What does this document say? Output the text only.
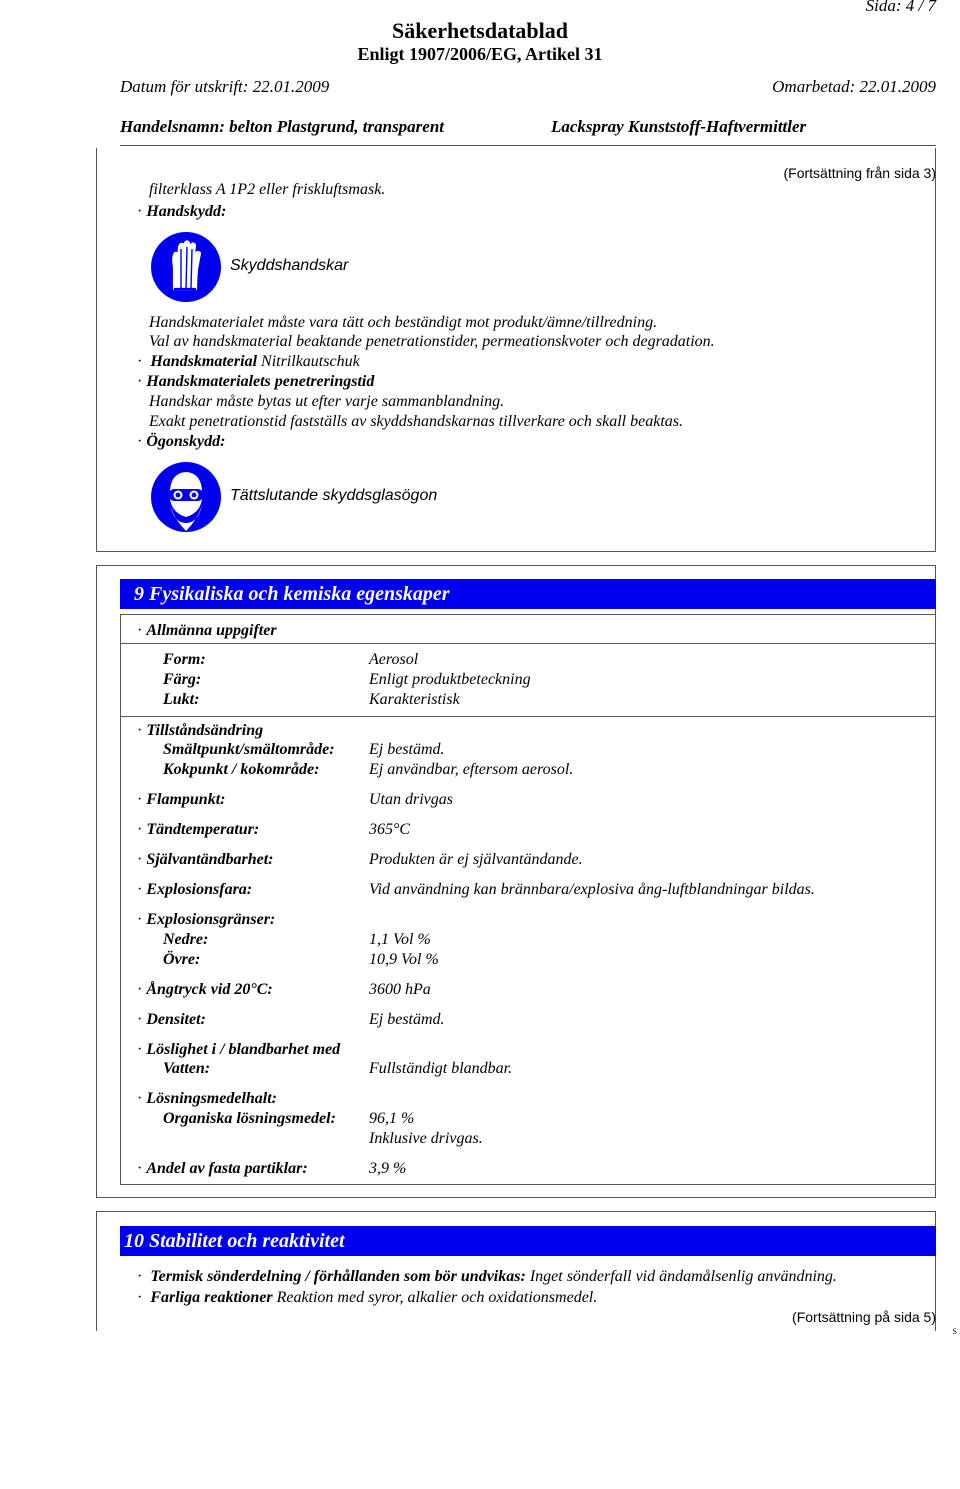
Säkerhetsdatablad
Enligt 1907/2006/EG, Artikel 31
Sida: 4 / 7
Datum för utskrift: 22.01.2009	Omarbetad: 22.01.2009
Handelsnamn: belton Plastgrund, transparent	Lackspray Kunststoff-Haftvermittler
(Fortsättning från sida 3)
filterklass A 1P2 eller friskluftsmask.
· Handskydd:
Skyddshandskar
Handskmaterialet måste vara tätt och beständigt mot produkt/ämne/tillredning.
Val av handskmaterial beaktande penetrationstider, permeationskvoter och degradation.
· Handskmaterial Nitrilkautschuk
· Handskmaterialets penetreringstid
Handskar måste bytas ut efter varje sammanblandning.
Exakt penetrationstid fastställs av skyddshandskarnas tillverkare och skall beaktas.
· Ögonskydd:
Tättslutande skyddsglasögon
9 Fysikaliska och kemiska egenskaper
· Allmänna uppgifter
Form:	Aerosol
Färg:	Enligt produktbeteckning
Lukt:	Karakteristisk
· Tillståndsändring
Smältpunkt/smältområde: Ej bestämd.
Kokpunkt / kokområde:	Ej användbar, eftersom aerosol.
· Flampunkt:	Utan drivgas
· Tändtemperatur:	365°C
· Självantändbarhet:	Produkten är ej självantändande.
· Explosionsfara:	Vid användning kan brännbara/explosiva ång-luftblandningar bildas.
· Explosionsgränser:
Nedre:	1,1 Vol %
Övre:	10,9 Vol %
· Ångtryck vid 20°C:	3600 hPa
· Densitet:	Ej bestämd.
· Löslighet i / blandbarhet med
Vatten:	Fullständigt blandbar.
· Lösningsmedelhalt:
Organiska lösningsmedel: 96,1 %
Inklusive drivgas.
· Andel av fasta partiklar:	3,9 %
10 Stabilitet och reaktivitet
· Termisk sönderdelning / förhållanden som bör undvikas: Inget sönderfall vid ändamålsenlig användning.
· Farliga reaktioner Reaktion med syror, alkalier och oxidationsmedel.
(Fortsättning på sida 5)
S
